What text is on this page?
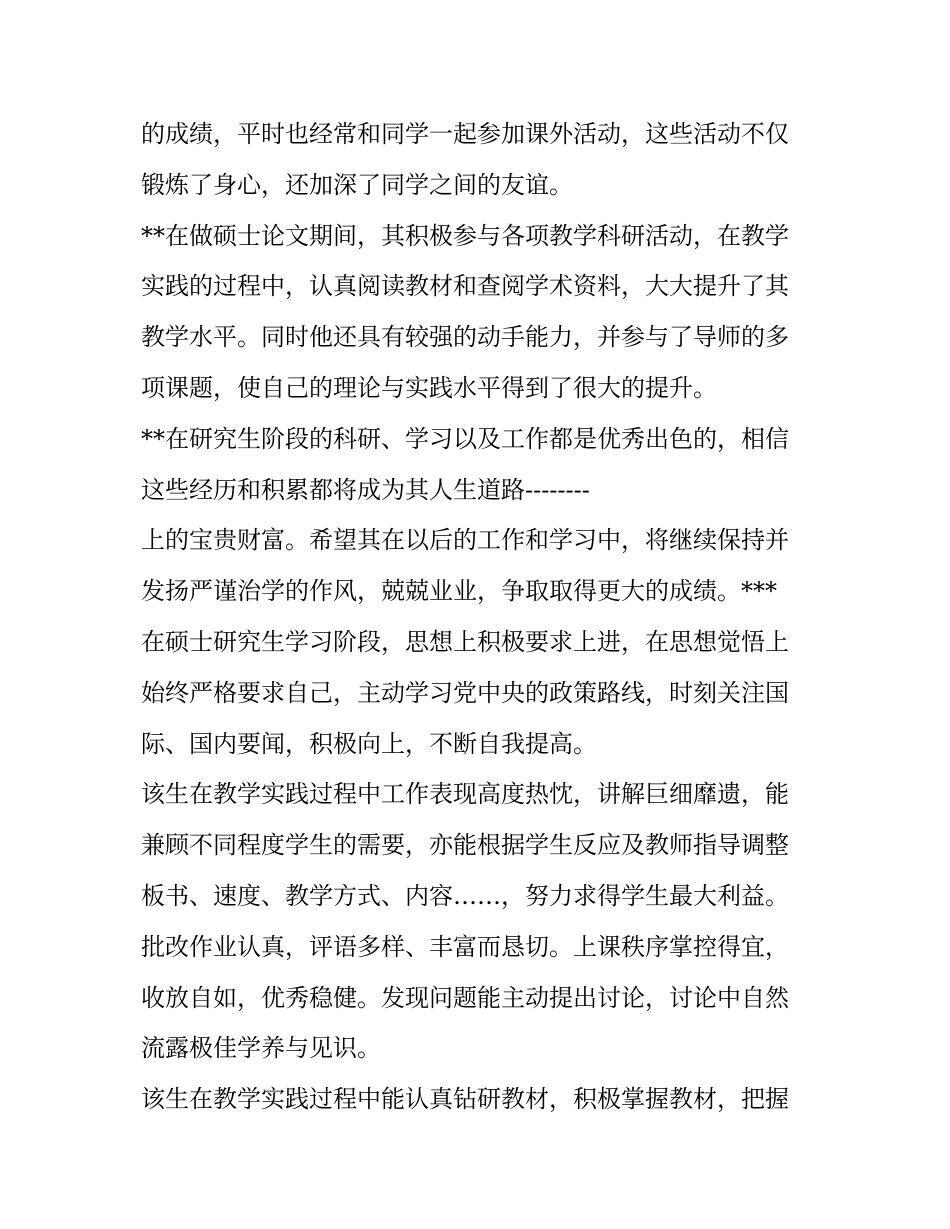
的成绩，平时也经常和同学一起参加课外活动，这些活动不仅
锻炼了身心，还加深了同学之间的友谊。
**在做硕士论文期间，其积极参与各项教学科研活动，在教学
实践的过程中，认真阅读教材和查阅学术资料，大大提升了其
教学水平。同时他还具有较强的动手能力，并参与了导师的多
项课题，使自己的理论与实践水平得到了很大的提升。
**在研究生阶段的科研、学习以及工作都是优秀出色的，相信
这些经历和积累都将成为其人生道路--------
上的宝贵财富。希望其在以后的工作和学习中，将继续保持并
发扬严谨治学的作风，兢兢业业，争取取得更大的成绩。***
在硕士研究生学习阶段，思想上积极要求上进，在思想觉悟上
始终严格要求自己，主动学习党中央的政策路线，时刻关注国
际、国内要闻，积极向上，不断自我提高。
该生在教学实践过程中工作表现高度热忱，讲解巨细靡遗，能
兼顾不同程度学生的需要，亦能根据学生反应及教师指导调整
板书、速度、教学方式、内容……，努力求得学生最大利益。
批改作业认真，评语多样、丰富而恳切。上课秩序掌控得宜，
收放自如，优秀稳健。发现问题能主动提出讨论，讨论中自然
流露极佳学养与见识。
该生在教学实践过程中能认真钻研教材，积极掌握教材，把握
